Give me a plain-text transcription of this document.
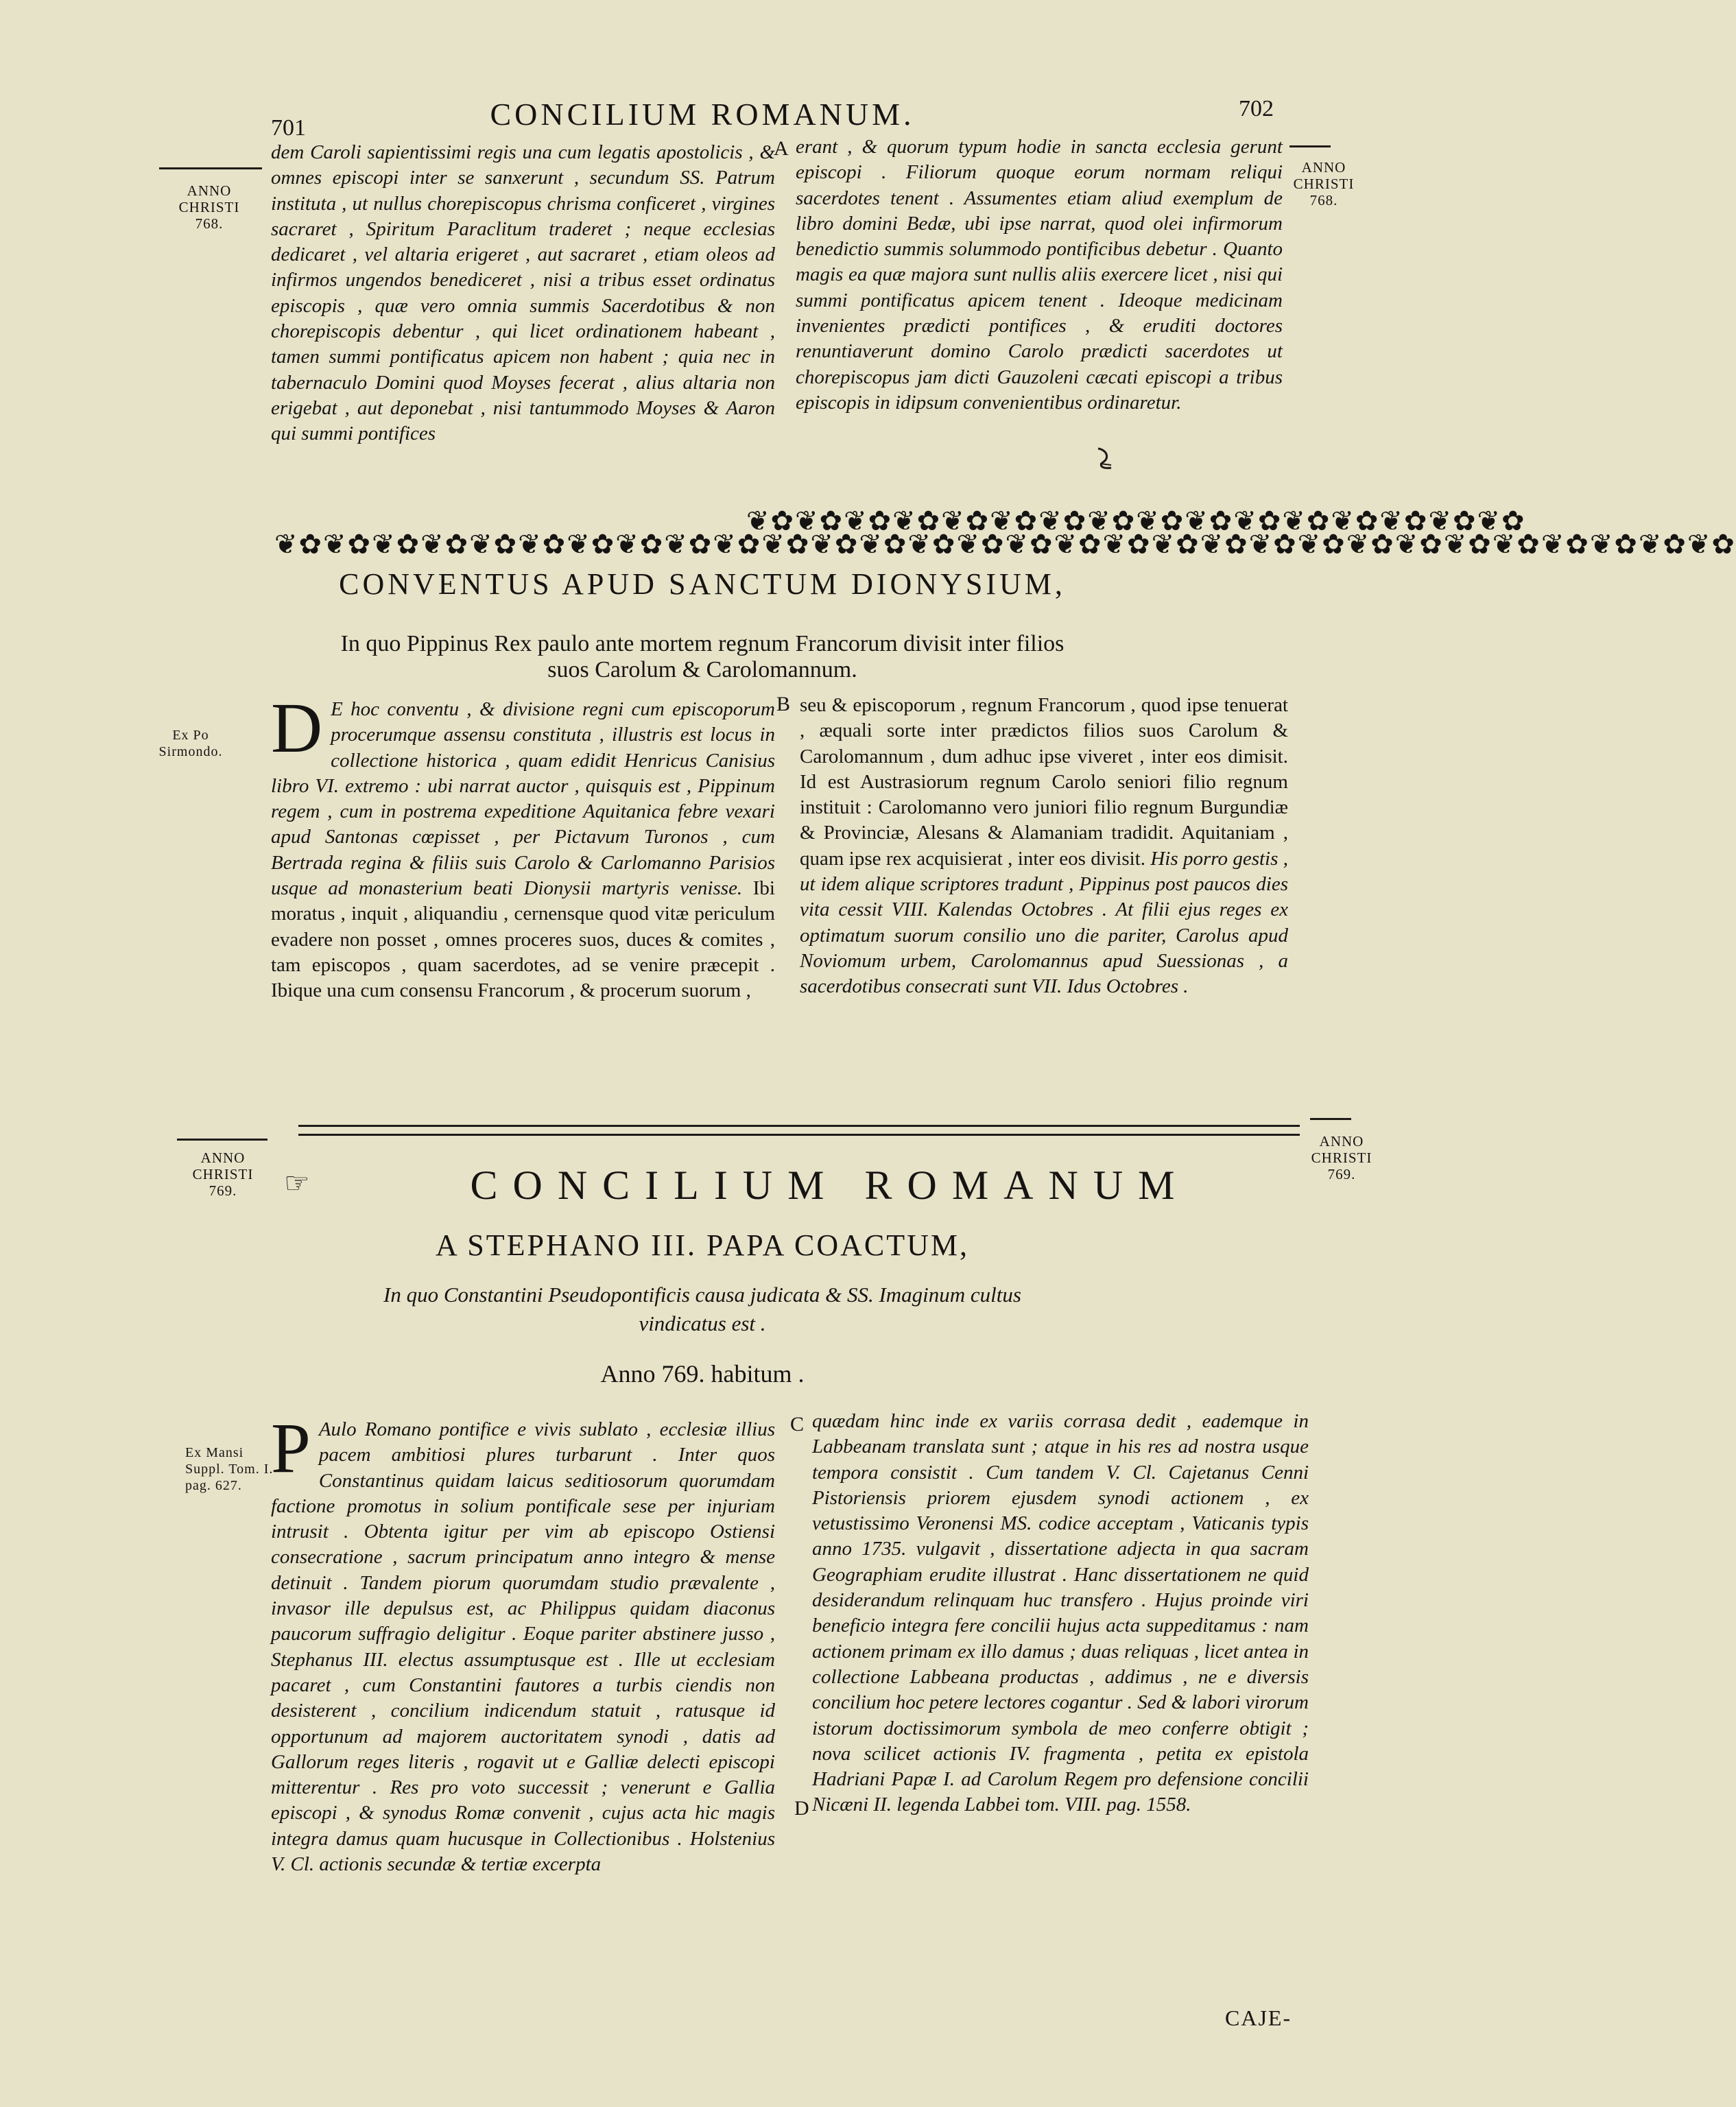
701	CONCILIUM ROMANUM.	702
ANNO CHRISTI 768.
ANNO CHRISTI 768.
dem Caroli sapientissimi regis una cum legatis apostolicis , & omnes episcopi inter se sanxerunt , secundum SS. Patrum instituta , ut nullus chorepiscopus chrisma conficeret , virgines sacraret , Spiritum Paraclitum traderet ; neque ecclesias dedicaret , vel altaria erigeret , aut sacraret , etiam oleos ad infirmos ungendos benediceret , nisi a tribus esset ordinatus episcopis , quæ vero omnia summis Sacerdotibus & non chorepiscopis debentur , qui licet ordinationem habeant , tamen summi pontificatus apicem non habent ; quia nec in tabernaculo Domini quod Moyses fecerat , alius altaria non erigebat , aut deponebat , nisi tantummodo Moyses & Aaron qui summi pontifices
A erant , & quorum typum hodie in sancta ecclesia gerunt episcopi . Filiorum quoque eorum normam reliqui sacerdotes tenent . Assumentes etiam aliud exemplum de libro domini Bedæ, ubi ipse narrat, quod olei infirmorum benedictio summis solummodo pontificibus debetur . Quanto magis ea quæ majora sunt nullis aliis exercere licet , nisi qui summi pontificatus apicem tenent . Ideoque medicinam invenientes prædicti pontifices , & eruditi doctores renuntiaverunt domino Carolo prædicti sacerdotes ut chorepiscopus jam dicti Gauzoleni cæcati episcopi a tribus episcopis in idipsum convenientibus ordinaretur.
❦✿❦✿❦✿❦✿❦✿❦✿❦✿❦✿❦✿❦✿❦✿❦✿❦✿❦✿❦✿❦✿
❦✿❦✿❦✿❦✿❦✿❦✿❦✿❦✿❦✿❦✿❦✿❦✿❦✿❦✿❦✿❦✿❦✿❦✿❦✿❦✿❦✿❦✿❦✿❦✿❦✿❦✿❦✿❦✿❦✿❦✿
CONVENTUS APUD SANCTUM DIONYSIUM,
In quo Pippinus Rex paulo ante mortem regnum Francorum divisit inter filios
suos Carolum & Carolomannum.
Ex Po Sirmondo. D E hoc conventu , & divisione regni cum episcoporum procerumque assensu constituta , illustris est locus in collectione historica , quam edidit Henricus Canisius libro VI. extremo : ubi narrat auctor , quisquis est , Pippinum regem , cum in postrema expeditione Aquitanica febre vexari apud Santonas cœpisset , per Pictavum Turonos , cum Bertrada regina & filiis suis Carolo & Carlomanno Parisios usque ad monasterium beati Dionysii martyris venisse. Ibi moratus , inquit , aliquandiu , cernensque quod vitæ periculum evadere non posset , omnes proceres suos, duces & comites , tam episcopos , quam sacerdotes, ad se venire præcepit . Ibique una cum consensu Francorum , & procerum suorum ,
B seu & episcoporum , regnum Francorum , quod ipse tenuerat , æquali sorte inter prædictos filios suos Carolum & Carolomannum , dum adhuc ipse viveret , inter eos dimisit. Id est Austrasiorum regnum Carolo seniori filio regnum instituit : Carolomanno vero juniori filio regnum Burgundiæ & Provinciæ, Alesans & Alamaniam tradidit. Aquitaniam , quam ipse rex acquisierat , inter eos divisit. His porro gestis , ut idem alique scriptores tradunt , Pippinus post paucos dies vita cessit VIII. Kalendas Octobres . At filii ejus reges ex optimatum suorum consilio uno die pariter, Carolus apud Noviomum urbem, Carolomannus apud Suessionas , a sacerdotibus consecrati sunt VII. Idus Octobres .
ANNO CHRISTI 769.
ANNO CHRISTI 769.
☞	CONCILIUM ROMANUM
A STEPHANO III. PAPA COACTUM,
In quo Constantini Pseudopontificis causa judicata & SS. Imaginum cultus
vindicatus est .
Anno 769. habitum .
Ex Mansi Suppl. Tom. I. pag. 627. P Aulo Romano pontifice e vivis sublato , ecclesiæ illius pacem ambitiosi plures turbarunt . Inter quos Constantinus quidam laicus seditiosorum quorumdam factione promotus in solium pontificale sese per injuriam intrusit . Obtenta igitur per vim ab episcopo Ostiensi consecratione , sacrum principatum anno integro & mense detinuit . Tandem piorum quorumdam studio prævalente , invasor ille depulsus est, ac Philippus quidam diaconus paucorum suffragio deligitur . Eoque pariter abstinere jusso , Stephanus III. electus assumptusque est . Ille ut ecclesiam pacaret , cum Constantini fautores a turbis ciendis non desisterent , concilium indicendum statuit , ratusque id opportunum ad majorem auctoritatem synodi , datis ad Gallorum reges literis , rogavit ut e Galliæ delecti episcopi mitterentur . Res pro voto successit ; venerunt e Gallia episcopi , & synodus Romæ convenit , cujus acta hic magis integra damus quam hucusque in Collectionibus . Holstenius V. Cl. actionis secundæ & tertiæ excerpta
C
D
quædam hinc inde ex variis corrasa dedit , eademque in Labbeanam translata sunt ; atque in his res ad nostra usque tempora consistit . Cum tandem V. Cl. Cajetanus Cenni Pistoriensis priorem ejusdem synodi actionem , ex vetustissimo Veronensi MS. codice acceptam , Vaticanis typis anno 1735. vulgavit , dissertatione adjecta in qua sacram Geographiam erudite illustrat . Hanc dissertationem ne quid desiderandum relinquam huc transfero . Hujus proinde viri beneficio integra fere concilii hujus acta suppeditamus : nam actionem primam ex illo damus ; duas reliquas , licet antea in collectione Labbeana productas , addimus , ne e diversis concilium hoc petere lectores cogantur . Sed & labori virorum istorum doctissimorum symbola de meo conferre obtigit ; nova scilicet actionis IV. fragmenta , petita ex epistola Hadriani Papæ I. ad Carolum Regem pro defensione concilii Nicæni II. legenda Labbei tom. VIII. pag. 1558.
CAJE-
